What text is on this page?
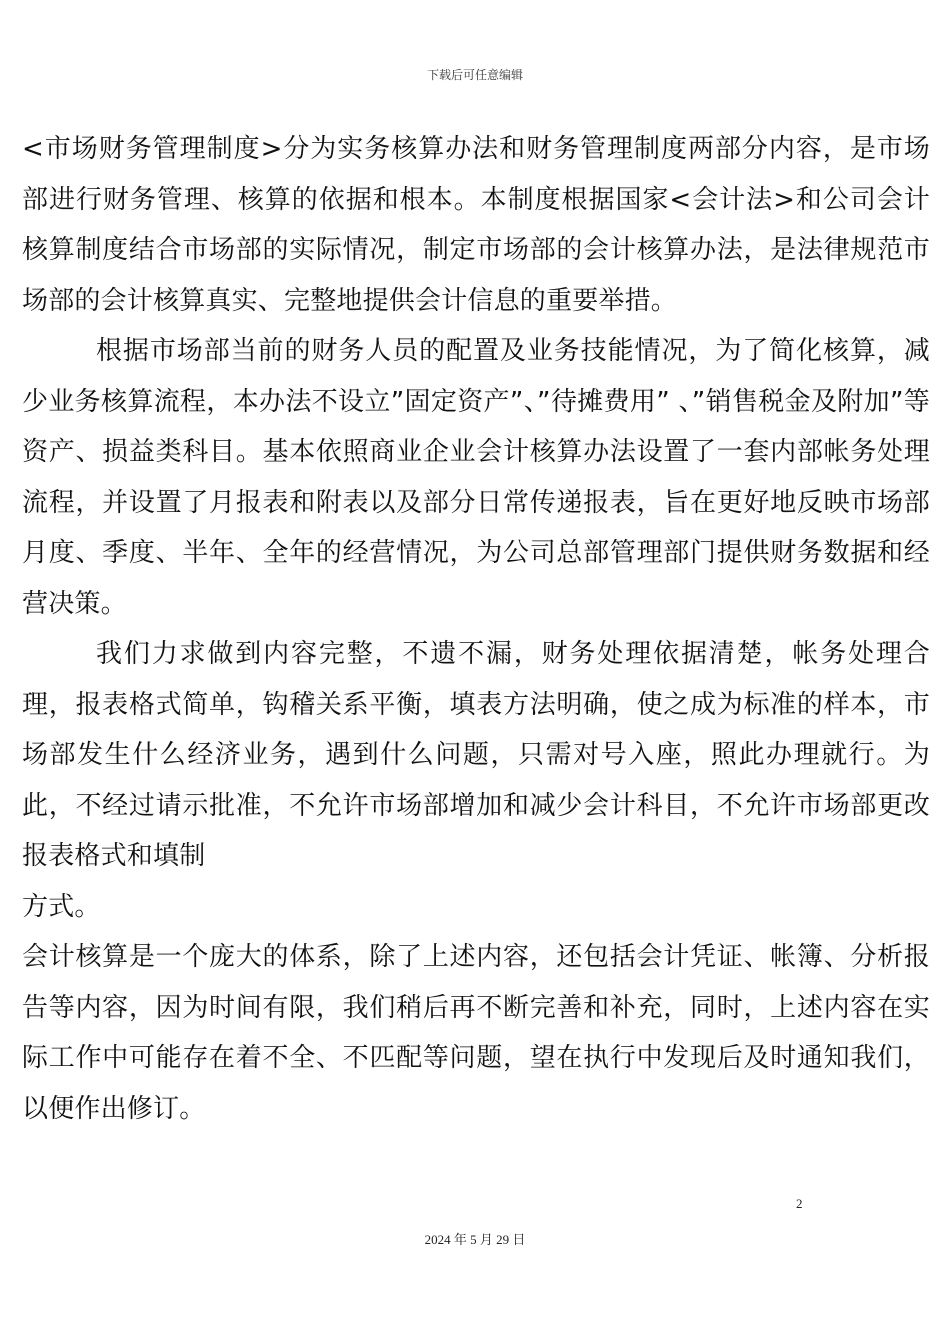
下载后可任意编辑

<市场财务管理制度>分为实务核算办法和财务管理制度两部分内容，是市场部进行财务管理、核算的依据和根本。本制度根据国家<会计法>和公司会计核算制度结合市场部的实际情况，制定市场部的会计核算办法，是法律规范市场部的会计核算真实、完整地提供会计信息的重要举措。

根据市场部当前的财务人员的配置及业务技能情况，为了简化核算，减少业务核算流程，本办法不设立”固定资产”、”待摊费用” 、”销售税金及附加”等资产、损益类科目。基本依照商业企业会计核算办法设置了一套内部帐务处理流程，并设置了月报表和附表以及部分日常传递报表，旨在更好地反映市场部月度、季度、半年、全年的经营情况，为公司总部管理部门提供财务数据和经营决策。

我们力求做到内容完整，不遗不漏，财务处理依据清楚，帐务处理合理，报表格式简单，钩稽关系平衡，填表方法明确，使之成为标准的样本，市场部发生什么经济业务，遇到什么问题，只需对号入座，照此办理就行。为此，不经过请示批准，不允许市场部增加和减少会计科目，不允许市场部更改报表格式和填制

方式。

会计核算是一个庞大的体系，除了上述内容，还包括会计凭证、帐簿、分析报告等内容，因为时间有限，我们稍后再不断完善和补充，同时，上述内容在实际工作中可能存在着不全、不匹配等问题，望在执行中发现后及时通知我们，以便作出修订。

2
2024 年 5 月 29 日
